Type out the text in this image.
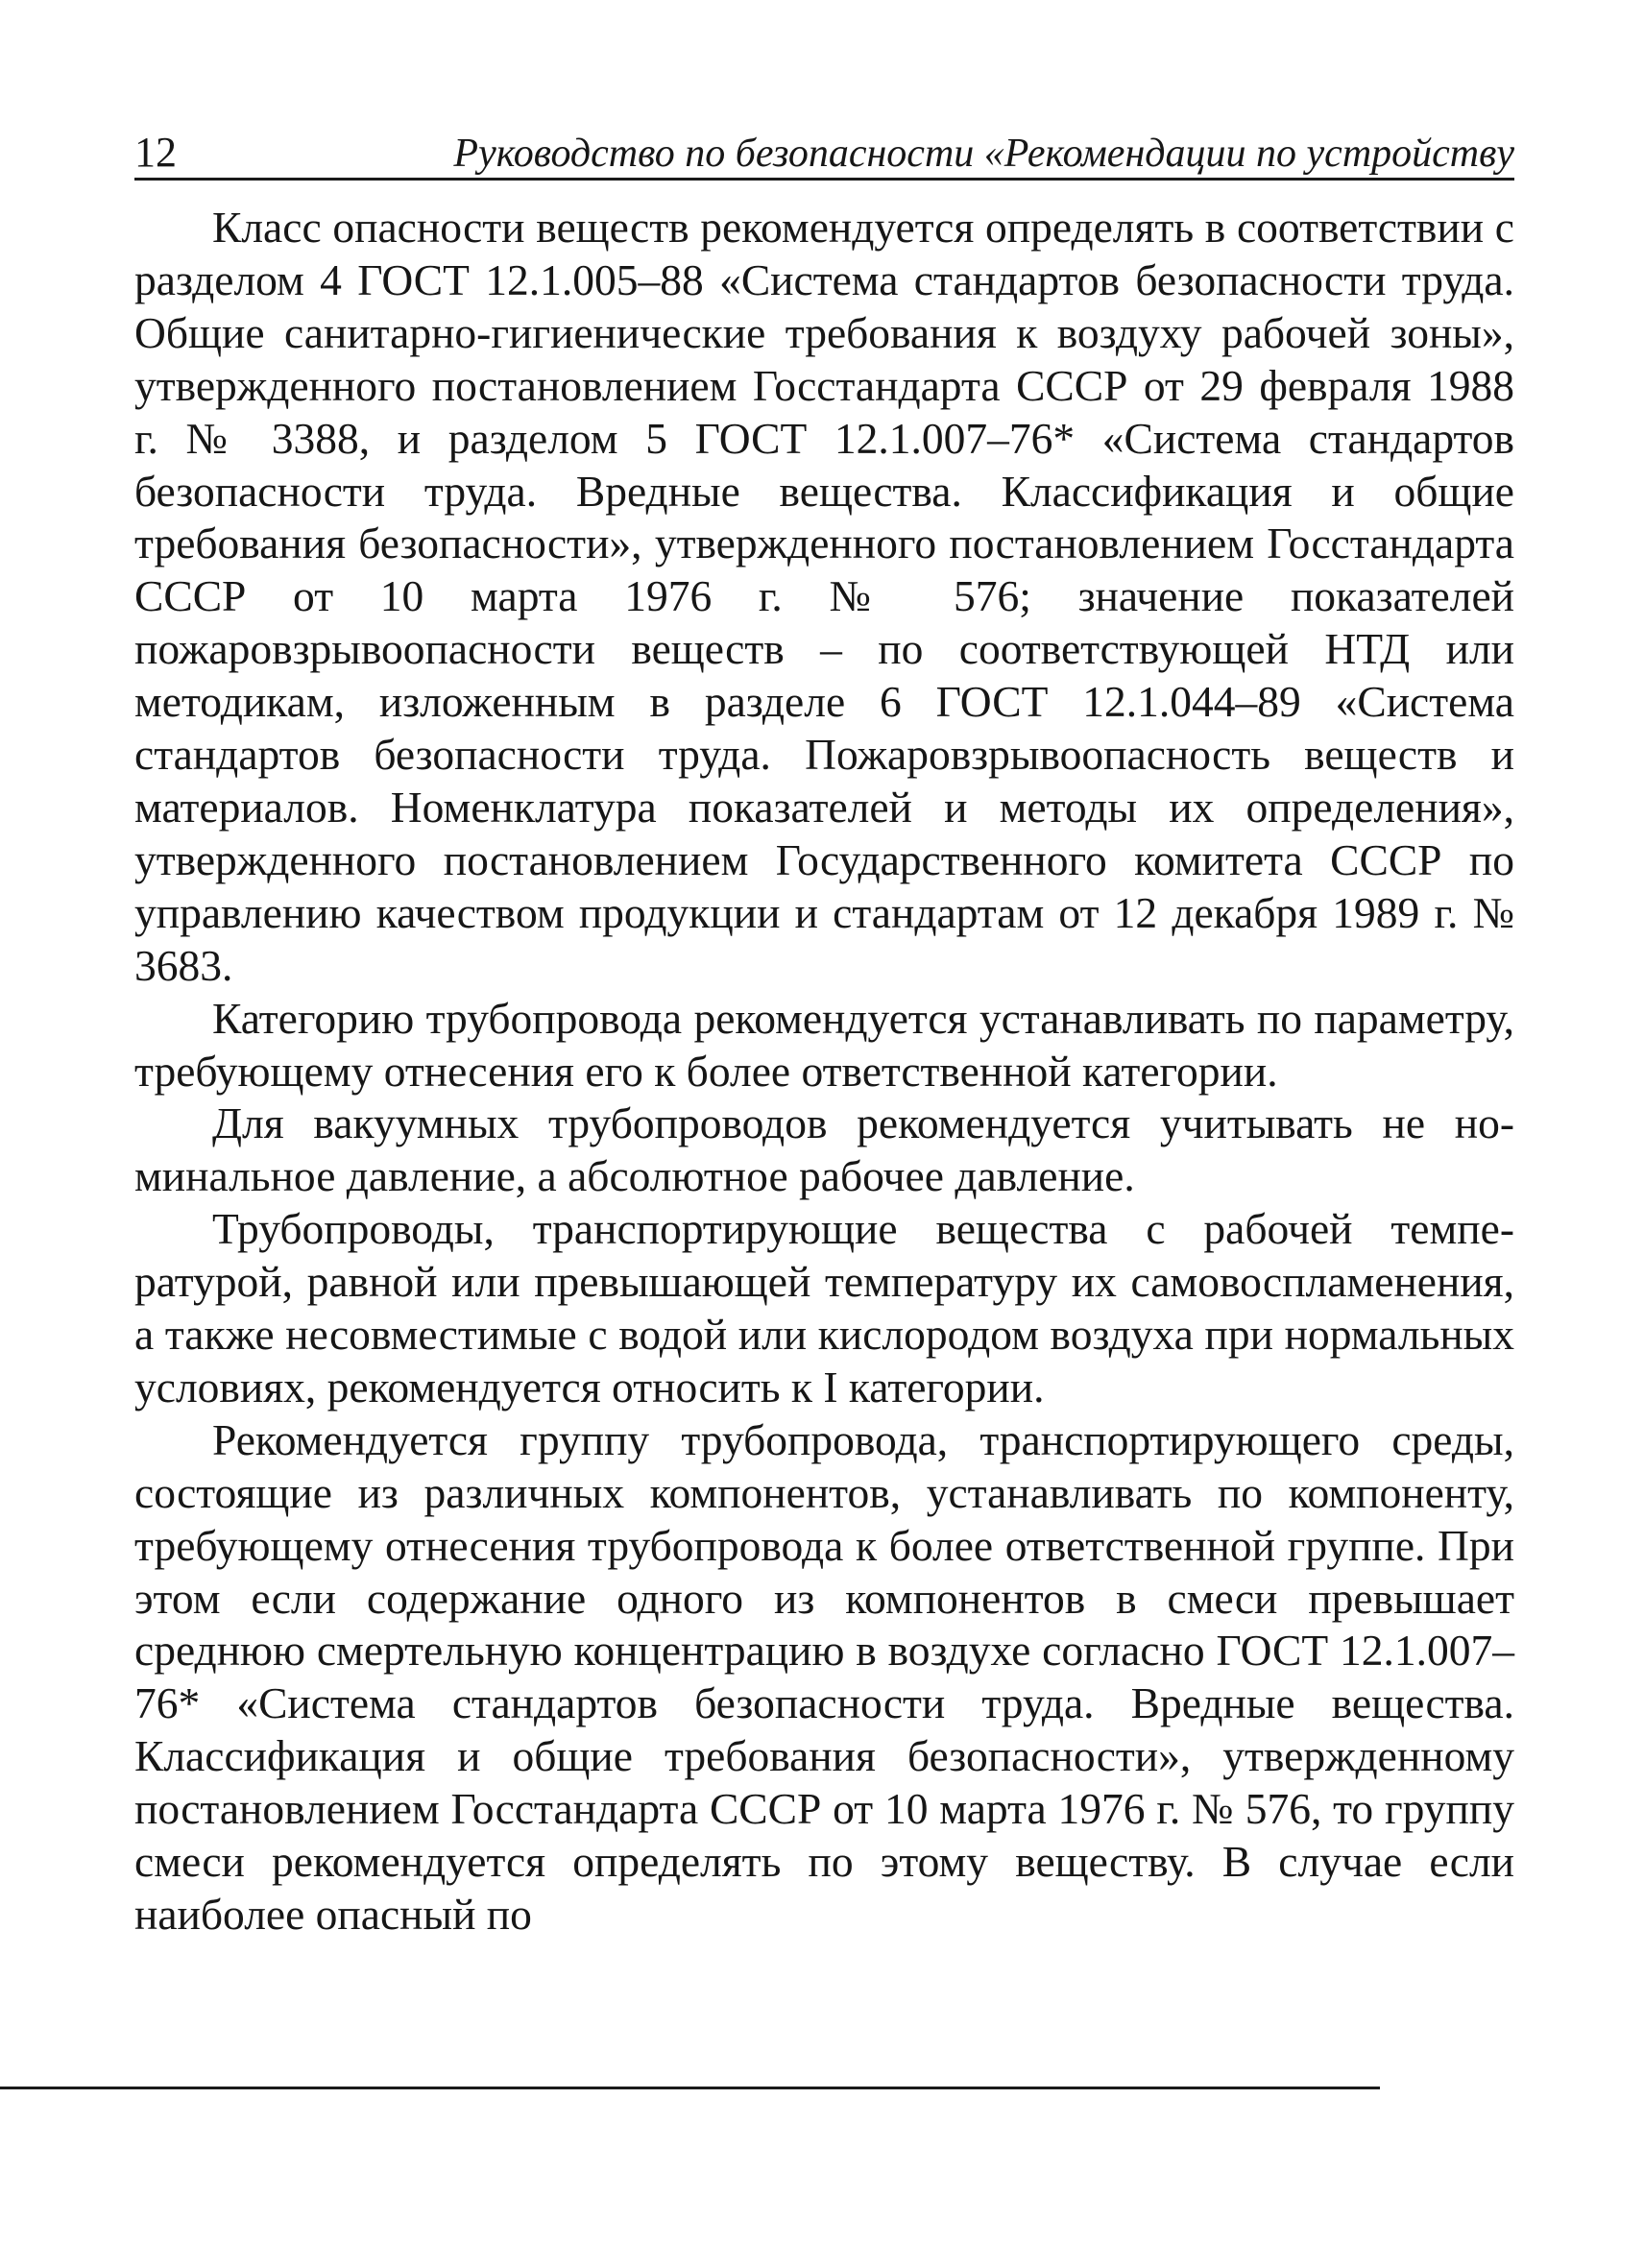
12	Руководство по безопасности «Рекомендации по устройству

Класс опасности веществ рекомендуется определять в соответствии с разделом 4 ГОСТ 12.1.005–88 «Система стандартов безопасности труда. Общие санитарно-гигиенические требования к воздуху рабочей зоны», утвержденного постановлением Госстандарта СССР от 29 февраля 1988 г. № 3388, и разделом 5 ГОСТ 12.1.007–76* «Система стандартов безопасности труда. Вредные вещества. Классификация и общие требования безопасности», утвержденного постановлением Госстандарта СССР от 10 марта 1976 г. № 576; значение показателей пожаровзрывоопасности веществ – по соответствующей НТД или методикам, изложенным в разделе 6 ГОСТ 12.1.044–89 «Система стандартов безопасности труда. Пожаровзрывоопасность веществ и материалов. Номенклатура показателей и методы их определения», утвержденного постановлением Государственного комитета СССР по управлению качеством продукции и стандартам от 12 декабря 1989 г. № 3683.

Категорию трубопровода рекомендуется устанавливать по параметру, требующему отнесения его к более ответственной категории.

Для вакуумных трубопроводов рекомендуется учитывать не номинальное давление, а абсолютное рабочее давление.

Трубопроводы, транспортирующие вещества с рабочей температурой, равной или превышающей температуру их самовоспламенения, а также несовместимые с водой или кислородом воздуха при нормальных условиях, рекомендуется относить к I категории.

Рекомендуется группу трубопровода, транспортирующего среды, состоящие из различных компонентов, устанавливать по компоненту, требующему отнесения трубопровода к более ответственной группе. При этом если содержание одного из компонентов в смеси превышает среднюю смертельную концентрацию в воздухе согласно ГОСТ 12.1.007–76* «Система стандартов безопасности труда. Вредные вещества. Классификация и общие требования безопасности», утвержденному постановлением Госстандарта СССР от 10 марта 1976 г. № 576, то группу смеси рекомендуется определять по этому веществу. В случае если наиболее опасный по
